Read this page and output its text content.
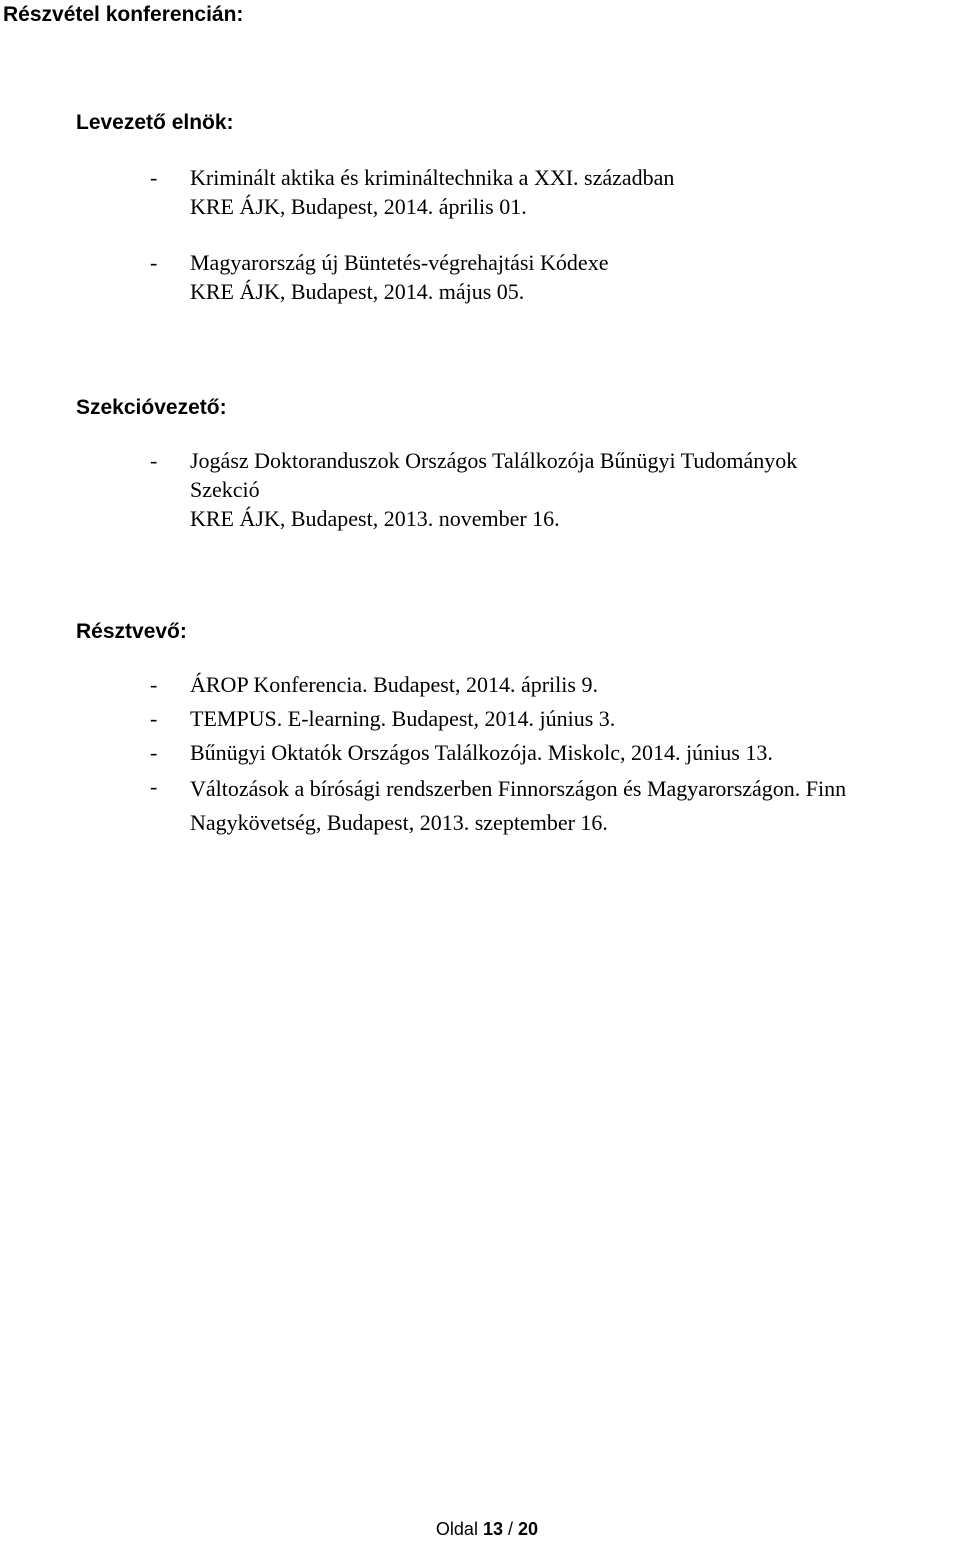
Részvétel konferencián:
Levezető elnök:
- Kriminált aktika és krimináltechnika a XXI. században
KRE ÁJK, Budapest, 2014. április 01.
- Magyarország új Büntetés-végrehajtási Kódexe
KRE ÁJK, Budapest, 2014. május 05.
Szekcióvezető:
- Jogász Doktoranduszok Országos Találkozója Bűnügyi Tudományok
Szekció
KRE ÁJK, Budapest, 2013. november 16.
Résztvevő:
- ÁROP Konferencia. Budapest, 2014. április 9.
- TEMPUS. E-learning. Budapest, 2014. június 3.
- Bűnügyi Oktatók Országos Találkozója. Miskolc, 2014. június 13.
- Változások a bírósági rendszerben Finnországon és Magyarországon. Finn Nagykövetség, Budapest, 2013. szeptember 16.
Oldal 13 / 20
